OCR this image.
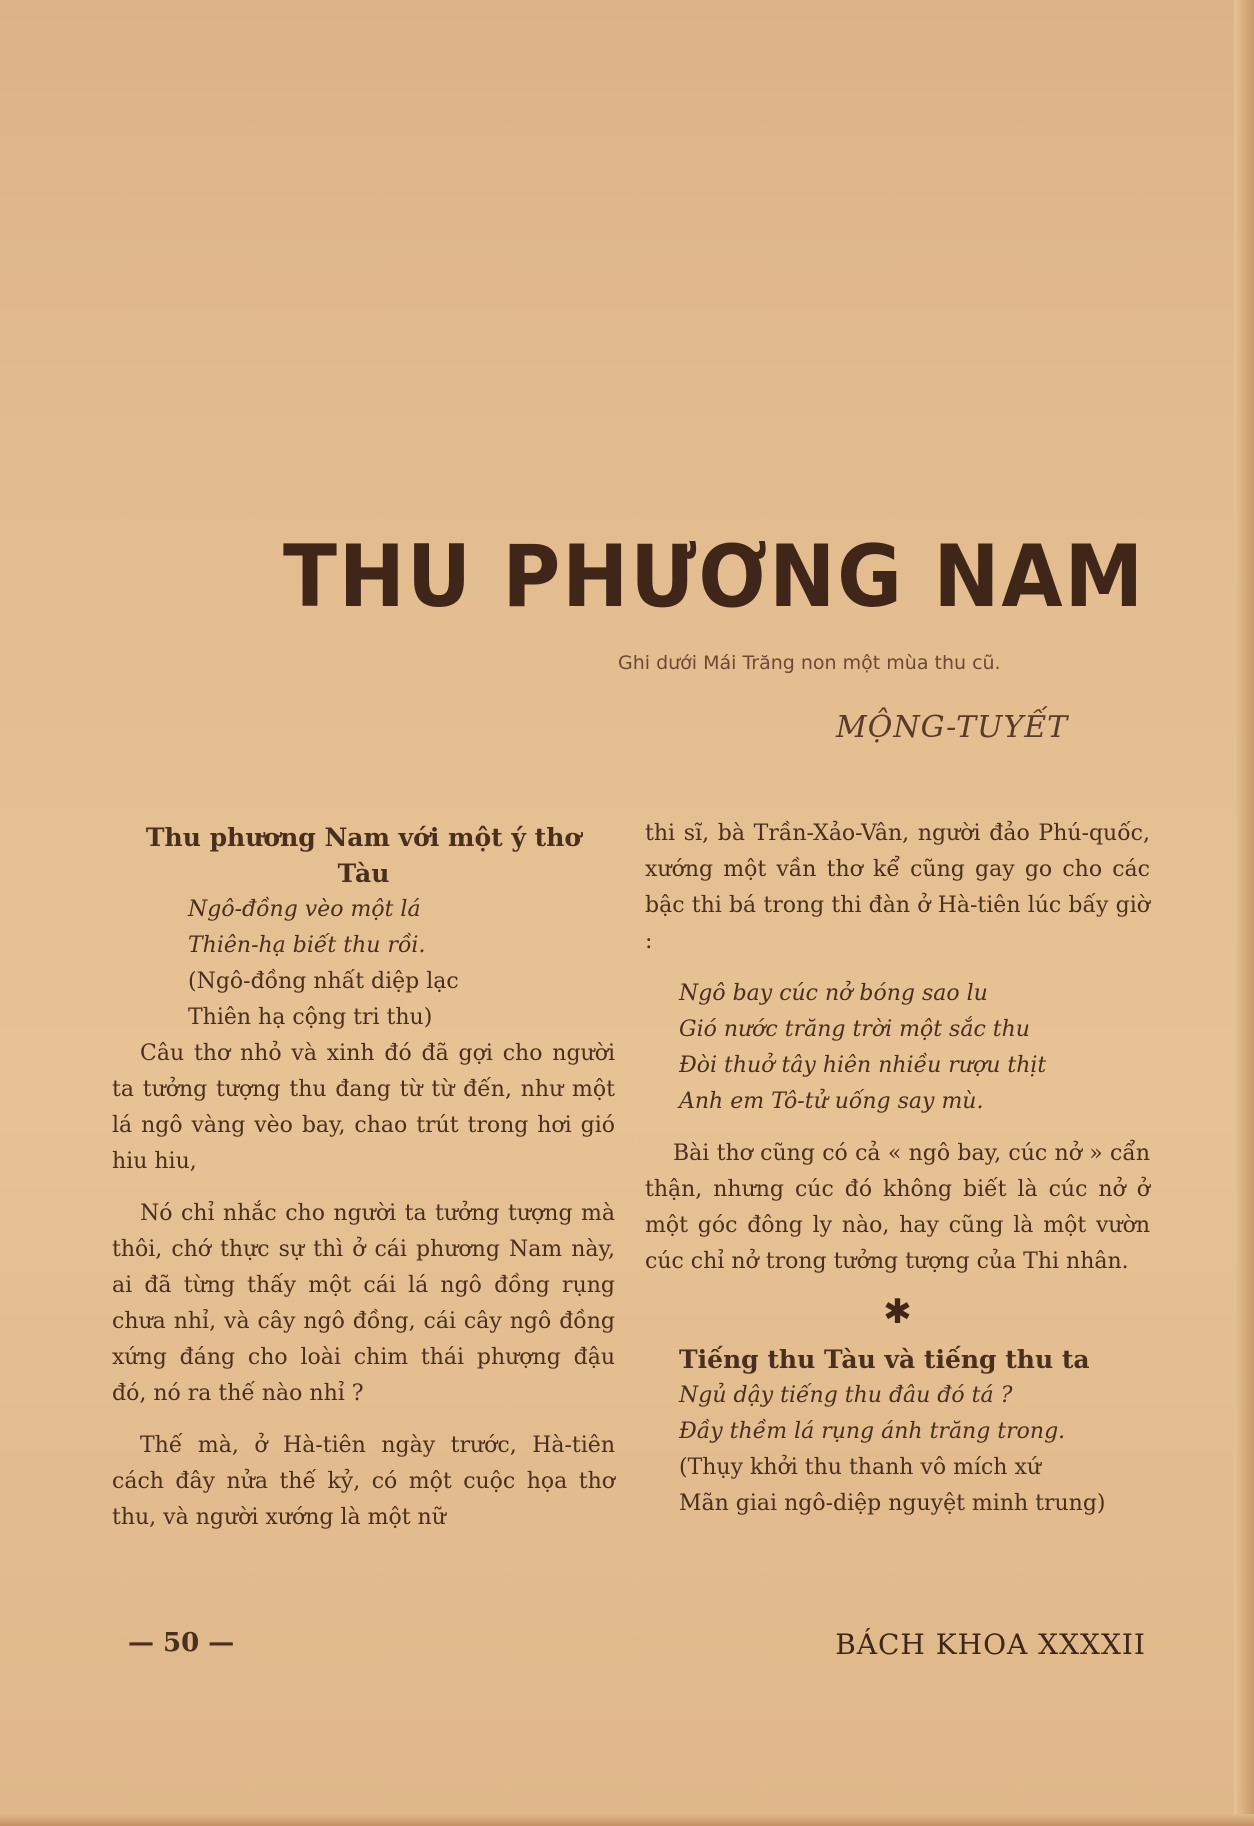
THU PHƯƠNG NAM
Ghi dưới Mái Trăng non một mùa thu cũ.
MỘNG-TUYẾT

Thu phương Nam với một ý thơ Tàu

Ngô-đồng vèo một lá
Thiên-hạ biết thu rồi.
(Ngô-đồng nhất diệp lạc
Thiên hạ cộng tri thu)

Câu thơ nhỏ và xinh đó đã gợi cho người ta tưởng tượng thu đang từ từ đến, như một lá ngô vàng vèo bay, chao trút trong hơi gió hiu hiu,

Nó chỉ nhắc cho người ta tưởng tượng mà thôi, chớ thực sự thì ở cái phương Nam này, ai đã từng thấy một cái lá ngô đồng rụng chưa nhỉ, và cây ngô đồng, cái cây ngô đồng xứng đáng cho loài chim thái phượng đậu đó, nó ra thế nào nhỉ ?

Thế mà, ở Hà-tiên ngày trước, Hà-tiên cách đây nửa thế kỷ, có một cuộc họa thơ thu, và người xướng là một nữ

thi sĩ, bà Trần-Xảo-Vân, người đảo Phú-quốc, xướng một vần thơ kể cũng gay go cho các bậc thi bá trong thi đàn ở Hà-tiên lúc bấy giờ :

Ngô bay cúc nở bóng sao lu
Gió nước trăng trời một sắc thu
Đòi thuở tây hiên nhiều rượu thịt
Anh em Tô-tử uống say mù.

Bài thơ cũng có cả « ngô bay, cúc nở » cẩn thận, nhưng cúc đó không biết là cúc nở ở một góc đông ly nào, hay cũng là một vườn cúc chỉ nở trong tưởng tượng của Thi nhân.

✱

Tiếng thu Tàu và tiếng thu ta

Ngủ dậy tiếng thu đâu đó tá ?
Đầy thềm lá rụng ánh trăng trong.
(Thụy khởi thu thanh vô mích xứ
Mãn giai ngô-diệp nguyệt minh trung)
— 50 —	BÁCH KHOA XXXXII
